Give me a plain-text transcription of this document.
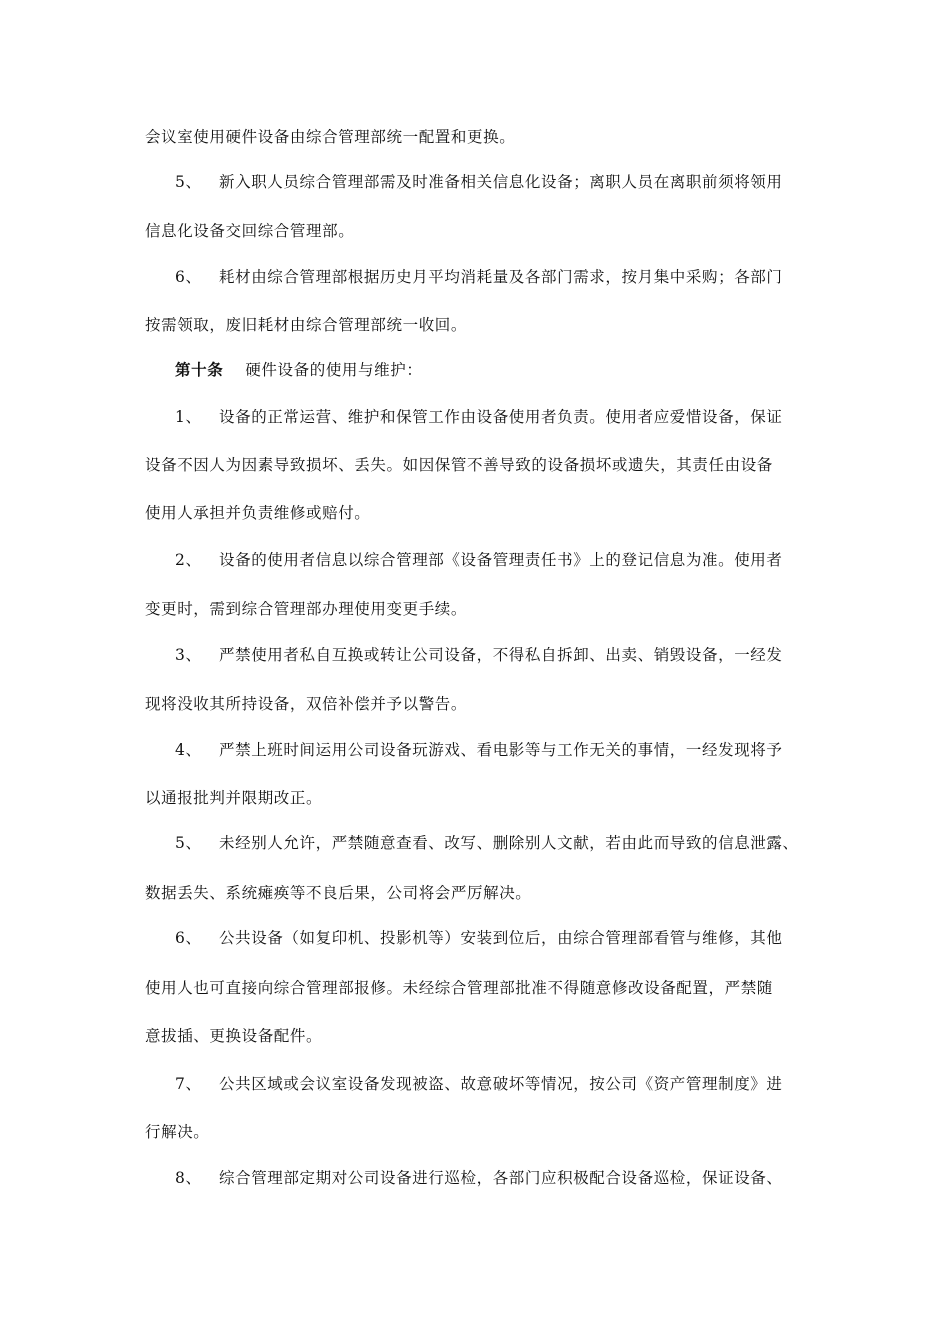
会议室使用硬件设备由综合管理部统一配置和更换。
5、 新入职人员综合管理部需及时准备相关信息化设备；离职人员在离职前须将领用
信息化设备交回综合管理部。
6、 耗材由综合管理部根据历史月平均消耗量及各部门需求，按月集中采购；各部门
按需领取，废旧耗材由综合管理部统一收回。
第十条 硬件设备的使用与维护：
1、 设备的正常运营、维护和保管工作由设备使用者负责。使用者应爱惜设备，保证
设备不因人为因素导致损坏、丢失。如因保管不善导致的设备损坏或遗失，其责任由设备
使用人承担并负责维修或赔付。
2、 设备的使用者信息以综合管理部《设备管理责任书》上的登记信息为准。使用者
变更时，需到综合管理部办理使用变更手续。
3、 严禁使用者私自互换或转让公司设备，不得私自拆卸、出卖、销毁设备，一经发
现将没收其所持设备，双倍补偿并予以警告。
4、 严禁上班时间运用公司设备玩游戏、看电影等与工作无关的事情，一经发现将予
以通报批判并限期改正。
5、 未经别人允许，严禁随意查看、改写、删除别人文献，若由此而导致的信息泄露、
数据丢失、系统瘫痪等不良后果，公司将会严厉解决。
6、 公共设备（如复印机、投影机等）安装到位后，由综合管理部看管与维修，其他
使用人也可直接向综合管理部报修。未经综合管理部批准不得随意修改设备配置，严禁随
意拔插、更换设备配件。
7、 公共区域或会议室设备发现被盗、故意破坏等情况，按公司《资产管理制度》进
行解决。
8、 综合管理部定期对公司设备进行巡检，各部门应积极配合设备巡检，保证设备、
